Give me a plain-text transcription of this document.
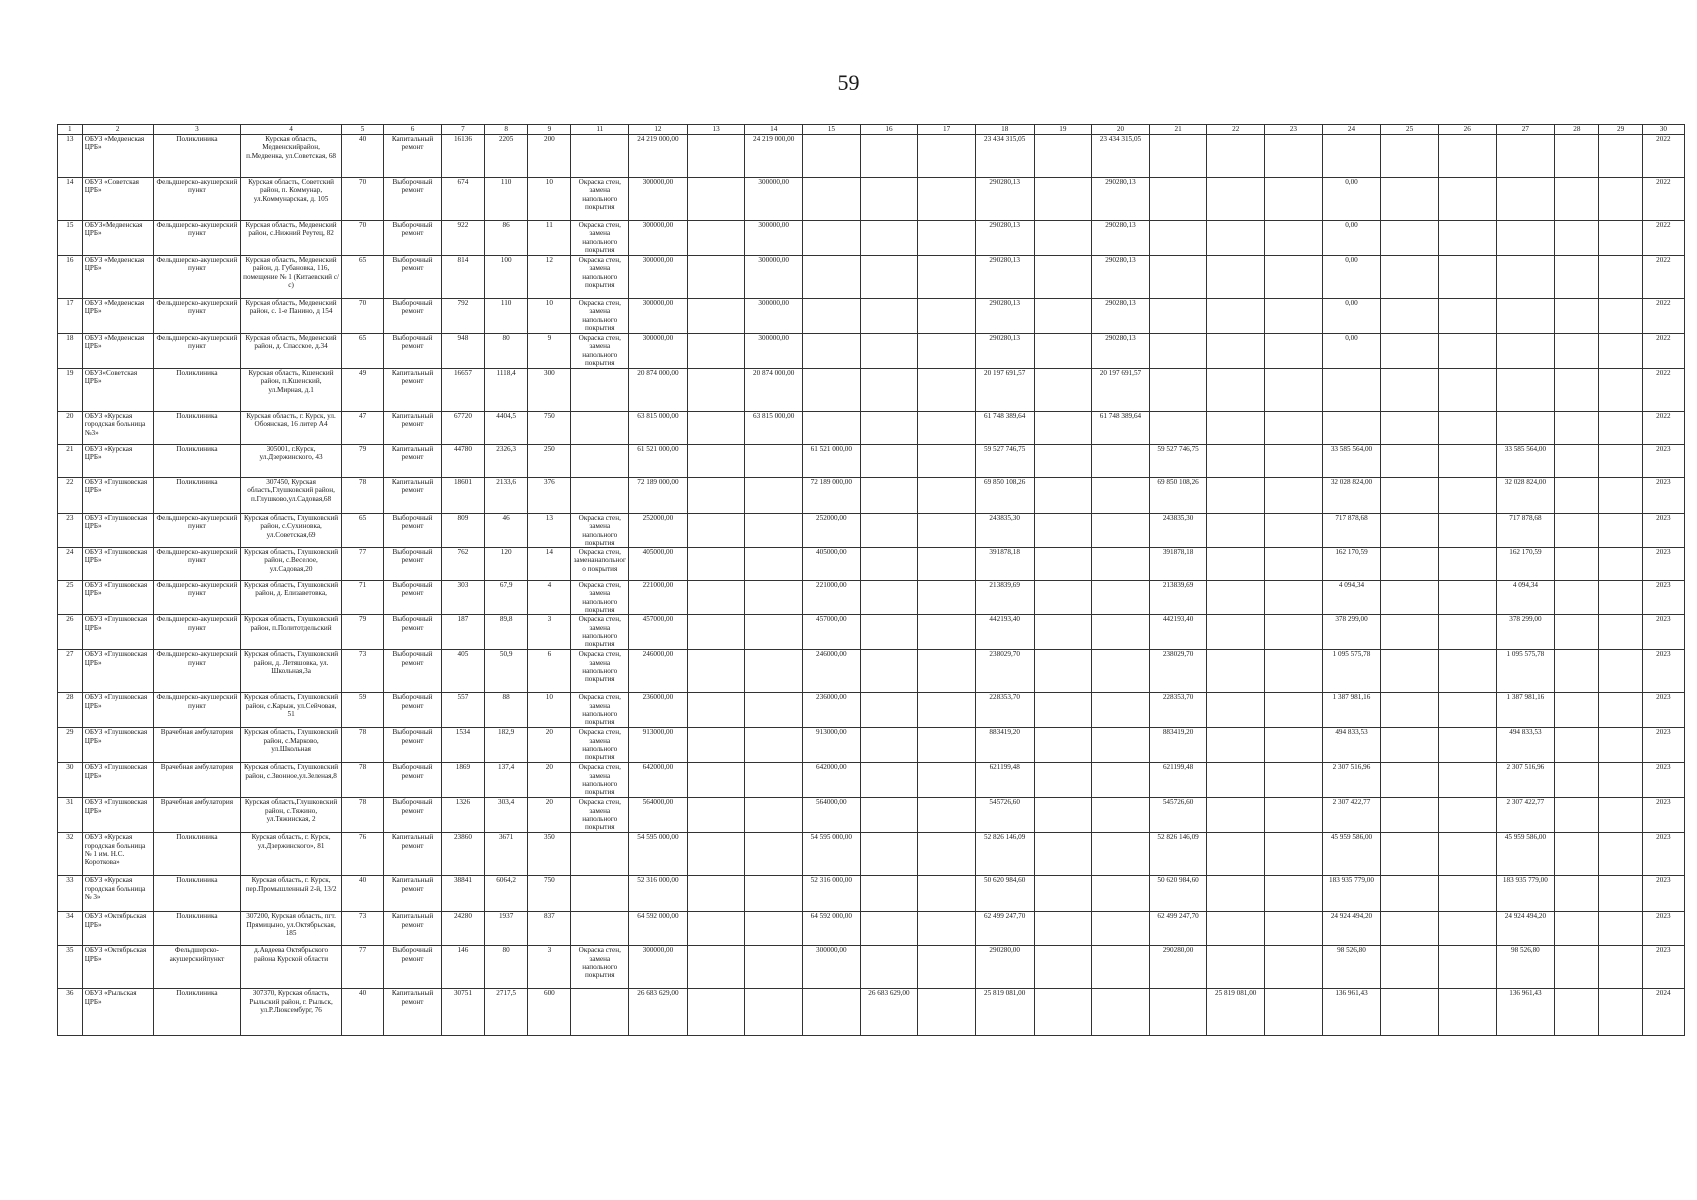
59
1	2	3	4	5	6	7	8	9	11	12	13	14	15	16	17	18	19	20	21	22	23	24	25	26	27	28	29	30
13	ОБУЗ «Медвенская ЦРБ»	Поликлиника	Курская область, Медвенскийрайон, п.Медвенка, ул.Советская, 68	40	Капитальный ремонт	16136	2205	200		24 219 000,00		24 219 000,00				23 434 315,05		23 434 315,05										2022
14	ОБУЗ «Советская ЦРБ»	Фельдшерско-акушерский пункт	Курская область, Советский район, п. Коммунар, ул.Коммунарская, д. 105	70	Выборочный ремонт	674	110	10	Окраска стен, замена напольного покрытия	300000,00		300000,00				290280,13		290280,13				0,00						2022
15	ОБУЗ«Медвенская ЦРБ»	Фельдшерско-акушерский пункт	Курская область, Медвенский район, с.Нижний Реутец, 82	70	Выборочный ремонт	922	86	11	Окраска стен, замена напольного покрытия	300000,00		300000,00				290280,13		290280,13				0,00						2022
16	ОБУЗ «Медвенская ЦРБ»	Фельдшерско-акушерский пункт	Курская область, Медвенский район, д. Губановка, 116, помещение № 1 (Китаевский с/с)	65	Выборочный ремонт	814	100	12	Окраска стен, замена напольного покрытия	300000,00		300000,00				290280,13		290280,13				0,00						2022
17	ОБУЗ «Медвенская ЦРБ»	Фельдшерско-акушерский пункт	Курская область, Медвенский район, с. 1-е Панино, д 154	70	Выборочный ремонт	792	110	10	Окраска стен, замена напольного покрытия	300000,00		300000,00				290280,13		290280,13				0,00						2022
18	ОБУЗ «Медвенская ЦРБ»	Фельдшерско-акушерский пункт	Курская область, Медвенский район, д. Спасское, д.34	65	Выборочный ремонт	948	80	9	Окраска стен, замена напольного покрытия	300000,00		300000,00				290280,13		290280,13				0,00						2022
19	ОБУЗ«Советская ЦРБ»	Поликлиника	Курская область, Кшенский район, п.Кшенский, ул.Мирная, д.1	49	Капитальный ремонт	16657	1118,4	300		20 874 000,00		20 874 000,00				20 197 691,57		20 197 691,57										2022
20	ОБУЗ «Курская городская больница №3»	Поликлиника	Курская область, г. Курск, ул. Обоянская, 16 литер А4	47	Капитальный ремонт	67720	4404,5	750		63 815 000,00		63 815 000,00				61 748 389,64		61 748 389,64										2022
21	ОБУЗ «Курская ЦРБ»	Поликлиника	305001, г.Курск, ул.Дзержинского, 43	79	Капитальный ремонт	44780	2326,3	250		61 521 000,00			61 521 000,00			59 527 746,75			59 527 746,75			33 585 564,00			33 585 564,00			2023
22	ОБУЗ «Глушковская ЦРБ»	Поликлиника	307450, Курская область,Глушковский район, п.Глушково,ул.Садовая,68	78	Капитальный ремонт	18601	2133,6	376		72 189 000,00			72 189 000,00			69 850 108,26			69 850 108,26			32 028 824,00			32 028 824,00			2023
23	ОБУЗ «Глушковская ЦРБ»	Фельдшерско-акушерский пункт	Курская область, Глушковский район, с.Сухиновка, ул.Советская,69	65	Выборочный ремонт	809	46	13	Окраска стен, замена напольного покрытия	252000,00			252000,00			243835,30			243835,30			717 878,68			717 878,68			2023
24	ОБУЗ «Глушковская ЦРБ»	Фельдшерско-акушерский пункт	Курская область, Глушковский район, с.Веселое, ул.Садовая,20	77	Выборочный ремонт	762	120	14	Окраска стен, заменанапольного покрытия	405000,00			405000,00			391878,18			391878,18			162 170,59			162 170,59			2023
25	ОБУЗ «Глушковская ЦРБ»	Фельдшерско-акушерский пункт	Курская область, Глушковский район, д. Елизаветовка,	71	Выборочный ремонт	303	67,9	4	Окраска стен, замена напольного покрытия	221000,00			221000,00			213839,69			213839,69			4 094,34			4 094,34			2023
26	ОБУЗ «Глушковская ЦРБ»	Фельдшерско-акушерский пункт	Курская область, Глушковский район, п.Политотдельский	79	Выборочный ремонт	187	89,8	3	Окраска стен, замена напольного покрытия	457000,00			457000,00			442193,40			442193,40			378 299,00			378 299,00			2023
27	ОБУЗ «Глушковская ЦРБ»	Фельдшерско-акушерский пункт	Курская область, Глушковский район, д. Летяшовка, ул. Школьная,3а	73	Выборочный ремонт	405	50,9	6	Окраска стен, замена напольного покрытия	246000,00			246000,00			238029,70			238029,70			1 095 575,78			1 095 575,78			2023
28	ОБУЗ «Глушковская ЦРБ»	Фельдшерско-акушерский пункт	Курская область, Глушковский район, с.Карыж, ул.Сейчовая, 51	59	Выборочный ремонт	557	88	10	Окраска стен, замена напольного покрытия	236000,00			236000,00			228353,70			228353,70			1 387 981,16			1 387 981,16			2023
29	ОБУЗ «Глушковская ЦРБ»	Врачебная амбулатория	Курская область, Глушковский район, с.Марково, ул.Школьная	78	Выборочный ремонт	1534	182,9	20	Окраска стен, замена напольного покрытия	913000,00			913000,00			883419,20			883419,20			494 833,53			494 833,53			2023
30	ОБУЗ «Глушковская ЦРБ»	Врачебная амбулатория	Курская область, Глушковский район, с.Звонное,ул.Зеленая,8	78	Выборочный ремонт	1869	137,4	20	Окраска стен, замена напольного покрытия	642000,00			642000,00			621199,48			621199,48			2 307 516,96			2 307 516,96			2023
31	ОБУЗ «Глушковская ЦРБ»	Врачебная амбулатория	Курская область,Глушковский район, с.Тяжино, ул.Тяжинская, 2	78	Выборочный ремонт	1326	303,4	20	Окраска стен, замена напольного покрытия	564000,00			564000,00			545726,60			545726,60			2 307 422,77			2 307 422,77			2023
32	ОБУЗ «Курская городская больница № 1 им. Н.С. Короткова»	Поликлиника	Курская область, г. Курск, ул.Дзержинского», 81	76	Капитальный ремонт	23860	3671	350		54 595 000,00			54 595 000,00			52 826 146,09			52 826 146,09			45 959 586,00			45 959 586,00			2023
33	ОБУЗ «Курская городская больница № 3»	Поликлиника	Курская область, г. Курск, пер.Промышленный 2-й, 13/2	40	Капитальный ремонт	38841	6064,2	750		52 316 000,00			52 316 000,00			50 620 984,60			50 620 984,60			183 935 779,00			183 935 779,00			2023
34	ОБУЗ «Октябрьская ЦРБ»	Поликлиника	307200, Курская область, пгт. Прямицыно, ул.Октябрьская, 185	73	Капитальный ремонт	24280	1937	837		64 592 000,00			64 592 000,00			62 499 247,70			62 499 247,70			24 924 494,20			24 924 494,20			2023
35	ОБУЗ «Октябрьская ЦРБ»	Фельдшерско-акушерскийпункт	д.Авдеева Октябрьского района Курской области	77	Выборочный ремонт	146	80	3	Окраска стен, замена напольного покрытия	300000,00			300000,00			290280,00			290280,00			98 526,80			98 526,80			2023
36	ОБУЗ «Рыльская ЦРБ»	Поликлиника	307370, Курская область, Рыльский район, г. Рыльск, ул.Р.Люксембург, 76	40	Капитальный ремонт	30751	2717,5	600		26 683 629,00				26 683 629,00		25 819 081,00				25 819 081,00		136 961,43			136 961,43			2024
